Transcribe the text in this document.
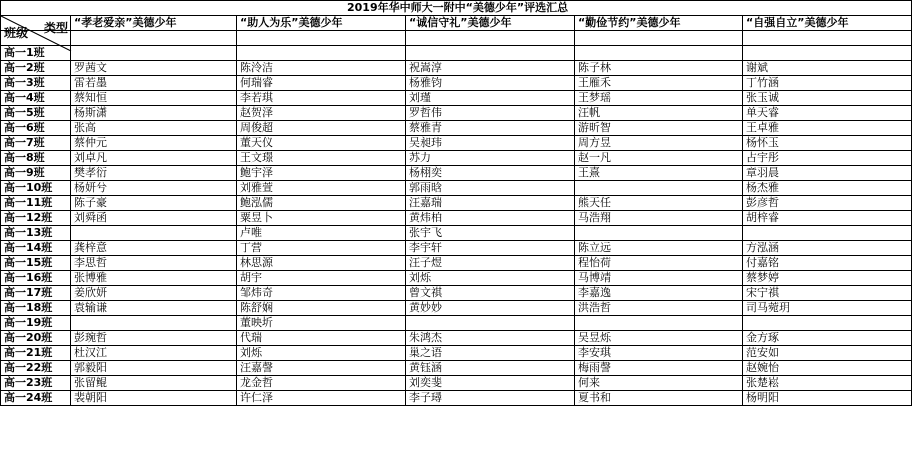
2019年华中师大一附中“美德少年”评选汇总					

类型
班级	“孝老爱亲”美德少年	“助人为乐”美德少年	“诚信守礼”美德少年	“勤俭节约”美德少年	“自强自立”美德少年

高一1班					
高一2班	罗茜文	陈泠洁	祝嵩淳	陈子林	谢斌
高一3班	雷若墨	何瑞睿	杨雅钧	王雁禾	丁竹涵
高一4班	蔡知恒	李若琪	刘瑾	王梦瑶	张玉诚
高一5班	杨斯潇	赵贺泽	罗哲伟	汪帆	单天睿
高一6班	张高	周俊超	蔡雅青	游昕智	王卓雅
高一7班	蔡仲元	董天仪	吴昶玮	周方昱	杨怀玉
高一8班	刘卓凡	王文璟	苏力	赵一凡	占宇彤
高一9班	樊孝衍	鲍宇泽	杨栩奕	王熹	章羽晨
高一10班	杨妍兮	刘雅萱	郭雨晗		杨杰雅
高一11班	陈子豪	鲍泓儒	汪嘉瑞	熊天任	彭彦哲
高一12班	刘舜函	粟昱卜	黄炜柏	马浩翔	胡梓睿
高一13班		卢唯	张宇飞		
高一14班	龚梓意	丁营	李宇轩	陈立远	方泓涵
高一15班	李思哲	林思源	汪子煜	程怡荷	付嘉铭
高一16班	张博雅	胡宇	刘烁	马博靖	蔡梦婷
高一17班	姜欣妍	邹炜奇	曾文祺	李嘉逸	宋宁祺
高一18班	袁输谦	陈舒娴	黄妙妙	洪浩哲	司马菀玥
高一19班		董映圻			
高一20班	彭琬哲	代瑞	朱鸿杰	吴昱烁	金方琢
高一21班	杜汉江	刘烁	巢之语	李安琪	范安如
高一22班	郭毅阳	汪嘉謦	黄钰涵	梅雨謦	赵婉怡
高一23班	张留鲲	龙金哲	刘奕斐	何来	张楚崧
高一24班	裴朝阳	许仁泽	李子璕	夏书和	杨明阳
